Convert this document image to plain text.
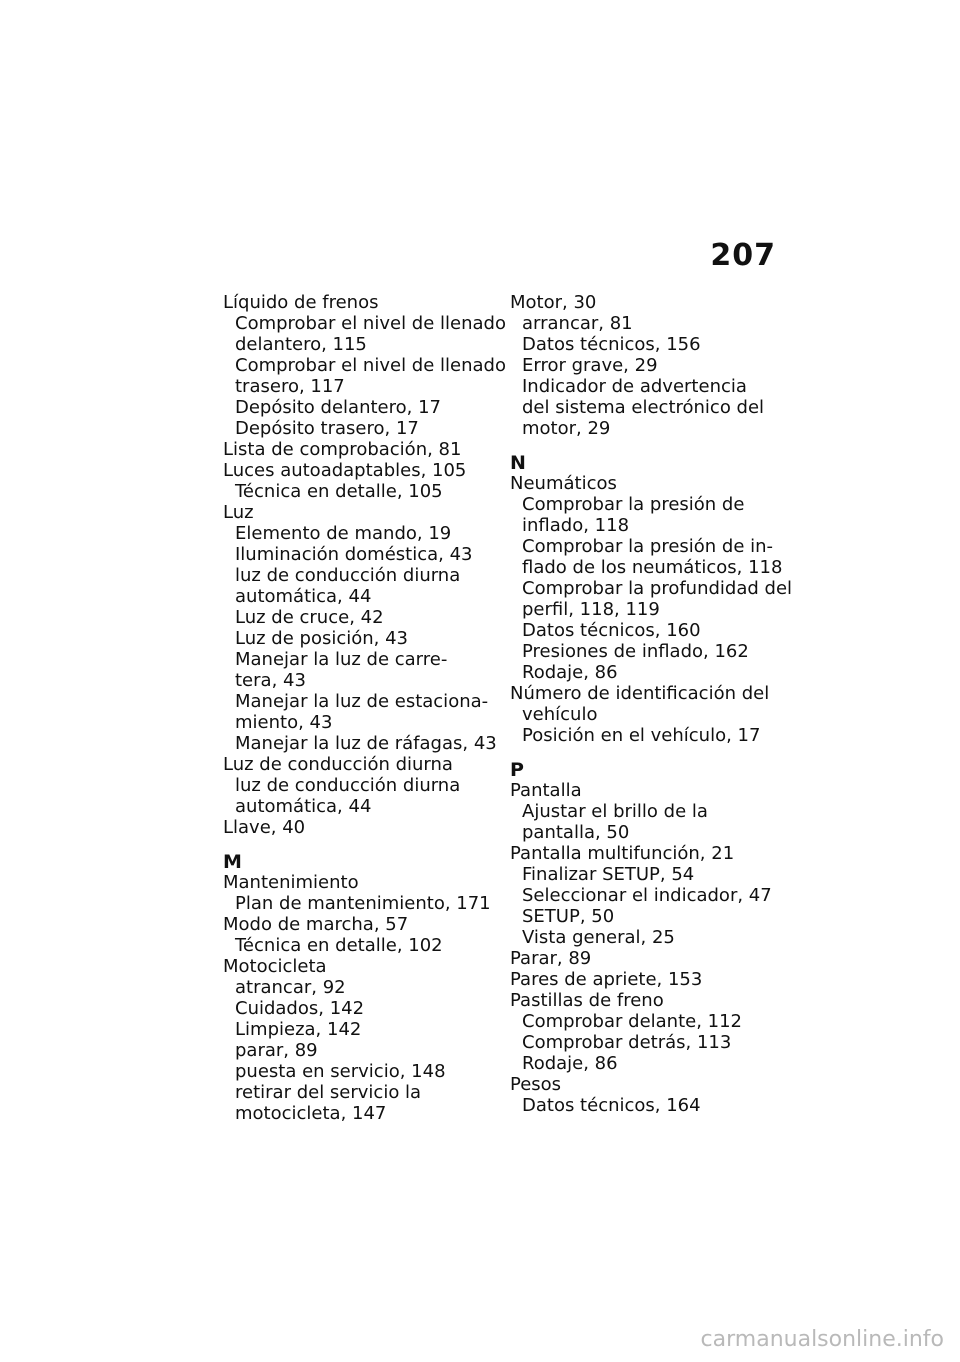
207
Líquido de frenos
Comprobar el nivel de llenado
delantero, 115
Comprobar el nivel de llenado
trasero, 117
Depósito delantero, 17
Depósito trasero, 17
Lista de comprobación, 81
Luces autoadaptables, 105
Técnica en detalle, 105
Luz
Elemento de mando, 19
Iluminación doméstica, 43
luz de conducción diurna
automática, 44
Luz de cruce, 42
Luz de posición, 43
Manejar la luz de carre-
tera, 43
Manejar la luz de estaciona-
miento, 43
Manejar la luz de ráfagas, 43
Luz de conducción diurna
luz de conducción diurna
automática, 44
Llave, 40
M
Mantenimiento
Plan de mantenimiento, 171
Modo de marcha, 57
Técnica en detalle, 102
Motocicleta
atrancar, 92
Cuidados, 142
Limpieza, 142
parar, 89
puesta en servicio, 148
retirar del servicio la
motocicleta, 147
Motor, 30
arrancar, 81
Datos técnicos, 156
Error grave, 29
Indicador de advertencia
del sistema electrónico del
motor, 29
N
Neumáticos
Comprobar la presión de
inflado, 118
Comprobar la presión de in-
flado de los neumáticos, 118
Comprobar la profundidad del
perfil, 118, 119
Datos técnicos, 160
Presiones de inflado, 162
Rodaje, 86
Número de identificación del
vehículo
Posición en el vehículo, 17
P
Pantalla
Ajustar el brillo de la
pantalla, 50
Pantalla multifunción, 21
Finalizar SETUP, 54
Seleccionar el indicador, 47
SETUP, 50
Vista general, 25
Parar, 89
Pares de apriete, 153
Pastillas de freno
Comprobar delante, 112
Comprobar detrás, 113
Rodaje, 86
Pesos
Datos técnicos, 164
carmanualsonline.info
